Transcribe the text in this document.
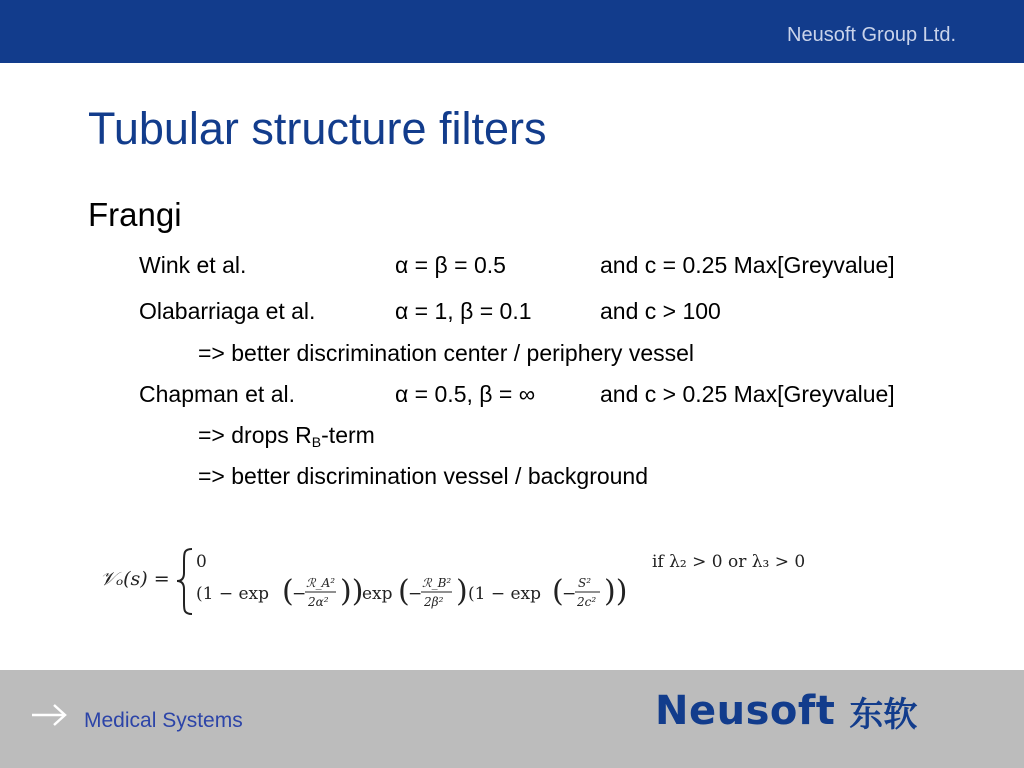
Neusoft Group Ltd.
Tubular structure filters
Frangi
Wink et al.	α = β = 0.5	and c = 0.25 Max[Greyvalue]
Olabarriaga et al.	α = 1, β = 0.1	and c > 100
=> better discrimination center / periphery vessel
Chapman et al.	α = 0.5, β = ∞	and c > 0.25 Max[Greyvalue]
=> drops $R_B$-term
=> better discrimination vessel / background
𝒱ₒ(s) =
0	if λ₂ > 0 or λ₃ > 0
(1 − exp (
−
ℛ_A²
2α² ))
exp (
−
ℛ_B²
2β² ) (1 − exp (
−
S²
2c² ))
Medical Systems	Neusoft 东软
